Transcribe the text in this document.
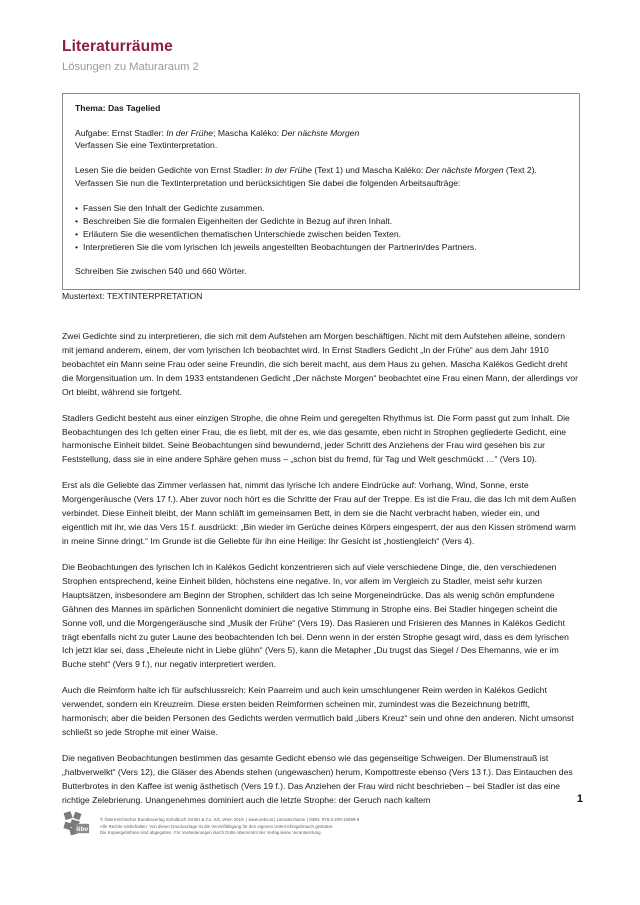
Literaturräume
Lösungen zu Maturaraum 2
Thema: Das Tagelied
Aufgabe: Ernst Stadler: In der Frühe; Mascha Kaléko: Der nächste Morgen
Verfassen Sie eine Textinterpretation.
Lesen Sie die beiden Gedichte von Ernst Stadler: In der Frühe (Text 1) und Mascha Kaléko: Der nächste Morgen (Text 2).
Verfassen Sie nun die Textinterpretation und berücksichtigen Sie dabei die folgenden Arbeitsaufträge:
• Fassen Sie den Inhalt der Gedichte zusammen.
• Beschreiben Sie die formalen Eigenheiten der Gedichte in Bezug auf ihren Inhalt.
• Erläutern Sie die wesentlichen thematischen Unterschiede zwischen beiden Texten.
• Interpretieren Sie die vom lyrischen Ich jeweils angestellten Beobachtungen der Partnerin/des Partners.
Schreiben Sie zwischen 540 und 660 Wörter.
Mustertext: TEXTINTERPRETATION

Zwei Gedichte sind zu interpretieren, die sich mit dem Aufstehen am Morgen beschäftigen. Nicht mit dem Aufstehen alleine, sondern mit jemand anderem, einem, der vom lyrischen Ich beobachtet wird. In Ernst Stadlers Gedicht „In der Frühe“ aus dem Jahr 1910 beobachtet ein Mann seine Frau oder seine Freundin, die sich bereit macht, aus dem Haus zu gehen. Mascha Kalékos Gedicht dreht die Morgensituation um. In dem 1933 entstandenen Gedicht „Der nächste Morgen“ beobachtet eine Frau einen Mann, der allerdings vor Ort bleibt, während sie fortgeht.

Stadlers Gedicht besteht aus einer einzigen Strophe, die ohne Reim und geregelten Rhythmus ist. Die Form passt gut zum Inhalt. Die Beobachtungen des Ich gelten einer Frau, die es liebt, mit der es, wie das gesamte, eben nicht in Strophen gegliederte Gedicht, eine harmonische Einheit bildet. Seine Beobachtungen sind bewundernd, jeder Schritt des Anziehens der Frau wird gesehen bis zur Feststellung, dass sie in eine andere Sphäre gehen muss – „schon bist du fremd, für Tag und Welt geschmückt …“ (Vers 10).

Erst als die Geliebte das Zimmer verlassen hat, nimmt das lyrische Ich andere Eindrücke auf: Vorhang, Wind, Sonne, erste Morgengeräusche (Vers 17 f.). Aber zuvor noch hört es die Schritte der Frau auf der Treppe. Es ist die Frau, die das Ich mit dem Außen verbindet. Diese Einheit bleibt, der Mann schläft im gemeinsamen Bett, in dem sie die Nacht verbracht haben, wieder ein, und eigentlich mit ihr, wie das Vers 15 f. ausdrückt: „Bin wieder im Gerüche deines Körpers eingesperrt, der aus den Kissen strömend warm in meine Sinne dringt.“ Im Grunde ist die Geliebte für ihn eine Heilige: Ihr Gesicht ist „hostiengleich“ (Vers 4).

Die Beobachtungen des lyrischen Ich in Kalékos Gedicht konzentrieren sich auf viele verschiedene Dinge, die, den verschiedenen Strophen entsprechend, keine Einheit bilden, höchstens eine negative. In, vor allem im Vergleich zu Stadler, meist sehr kurzen Hauptsätzen, insbesondere am Beginn der Strophen, schildert das Ich seine Morgeneindrücke. Das als wenig schön empfundene Gähnen des Mannes im spärlichen Sonnenlicht dominiert die negative Stimmung in Strophe eins. Bei Stadler hingegen scheint die Sonne voll, und die Morgengeräusche sind „Musik der Frühe“ (Vers 19). Das Rasieren und Frisieren des Mannes in Kalékos Gedicht trägt ebenfalls nicht zu guter Laune des beobachtenden Ich bei. Denn wenn in der ersten Strophe gesagt wird, dass es dem lyrischen Ich jetzt klar sei, dass „Eheleute nicht in Liebe glühn“ (Vers 5), kann die Metapher „Du trugst das Siegel / Des Ehemanns, wie er im Buche steht“ (Vers 9 f.), nur negativ interpretiert werden.

Auch die Reimform halte ich für aufschlussreich: Kein Paarreim und auch kein umschlungener Reim werden in Kalékos Gedicht verwendet, sondern ein Kreuzreim. Diese ersten beiden Reimformen scheinen mir, zumindest was die Bezeichnung betrifft, harmonisch; aber die beiden Personen des Gedichts werden vermutlich bald „übers Kreuz“ sein und ohne den anderen. Nicht umsonst schließt so jede Strophe mit einer Waise.

Die negativen Beobachtungen bestimmen das gesamte Gedicht ebenso wie das gegenseitige Schweigen. Der Blumenstrauß ist „halbverwelkt“ (Vers 12), die Gläser des Abends stehen (ungewaschen) herum, Kompottreste ebenso (Vers 13 f.). Das Eintauchen des Butterbrotes in den Kaffee ist wenig ästhetisch (Vers 19 f.). Das Anziehen der Frau wird nicht beschrieben – bei Stadler ist das eine richtige Zelebrierung. Unangenehmes dominiert auch die letzte Strophe: der Geruch nach kaltem	1
öbv
© Österreichischer Bundesverlag Schulbuch GmbH & Co. KG, Wien 2019. | www.oebv.at | Literaturräume | ISBN: 978-3-209-10899-9
Alle Rechte vorbehalten. Von dieser Druckvorlage ist die Vervielfältigung für den eigenen Unterrichtsgebrauch gestattet.
Die Kopiergebühren sind abgegolten. Für Veränderungen durch Dritte übernimmt der Verlag keine Verantwortung.
